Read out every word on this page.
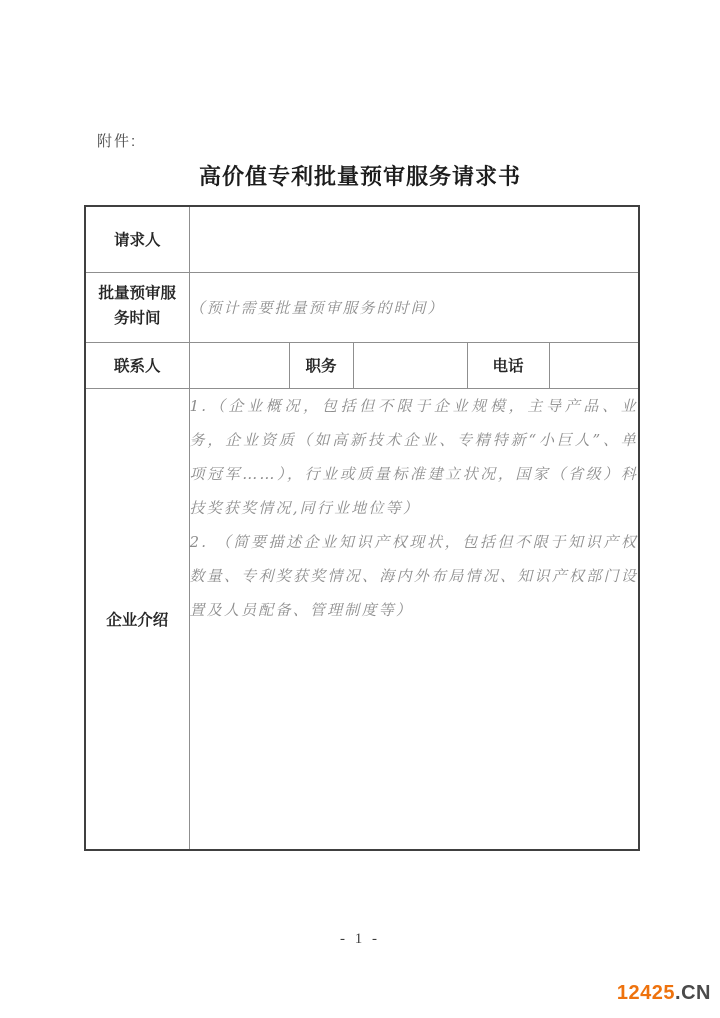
附件:
高价值专利批量预审服务请求书
请求人					
批量预审服务时间	（预计需要批量预审服务的时间）				
联系人		职务		电话	
企业介绍	1.（企业概况，包括但不限于企业规模，主导产品、业务，企业资质（如高新技术企业、专精特新“小巨人”、单项冠军……），行业或质量标准建立状况，国家（省级）科技奖获奖情况,同行业地位等）

2. （简要描述企业知识产权现状，包括但不限于知识产权数量、专利奖获奖情况、海内外布局情况、知识产权部门设置及人员配备、管理制度等）				

- 1 -
12425.CN
